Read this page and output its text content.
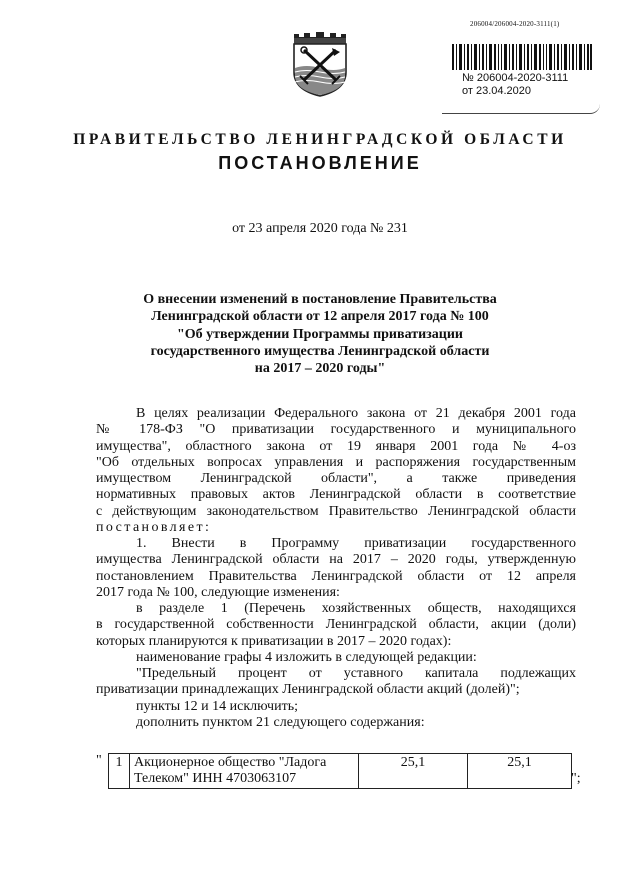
206004/206004-2020-3111(1)
№ 206004-2020-3111
от 23.04.2020
ПРАВИТЕЛЬСТВО ЛЕНИНГРАДСКОЙ ОБЛАСТИ
ПОСТАНОВЛЕНИЕ
от 23 апреля 2020 года № 231
О внесении изменений в постановление Правительства
Ленинградской области от 12 апреля 2017 года № 100
"Об утверждении Программы приватизации
государственного имущества Ленинградской области
на 2017 – 2020 годы"
В целях реализации Федерального закона от 21 декабря 2001 года
№ 178-ФЗ "О приватизации государственного и муниципального
имущества", областного закона от 19 января 2001 года № 4-оз
"Об отдельных вопросах управления и распоряжения государственным
имуществом Ленинградской области", а также приведения
нормативных правовых актов Ленинградской области в соответствие
с действующим законодательством Правительство Ленинградской области
постановляет:
1. Внести в Программу приватизации государственного
имущества Ленинградской области на 2017 – 2020 годы, утвержденную
постановлением Правительства Ленинградской области от 12 апреля
2017 года № 100, следующие изменения:
в разделе 1 (Перечень хозяйственных обществ, находящихся
в государственной собственности Ленинградской области, акции (доли)
которых планируются к приватизации в 2017 – 2020 годах):
наименование графы 4 изложить в следующей редакции:
"Предельный процент от уставного капитала подлежащих
приватизации принадлежащих Ленинградской области акций (долей)";
пункты 12 и 14 исключить;
дополнить пунктом 21 следующего содержания:
" 1	Акционерное общество "Ладога
Телеком" ИНН 4703063107
	25,1	25,1
";
